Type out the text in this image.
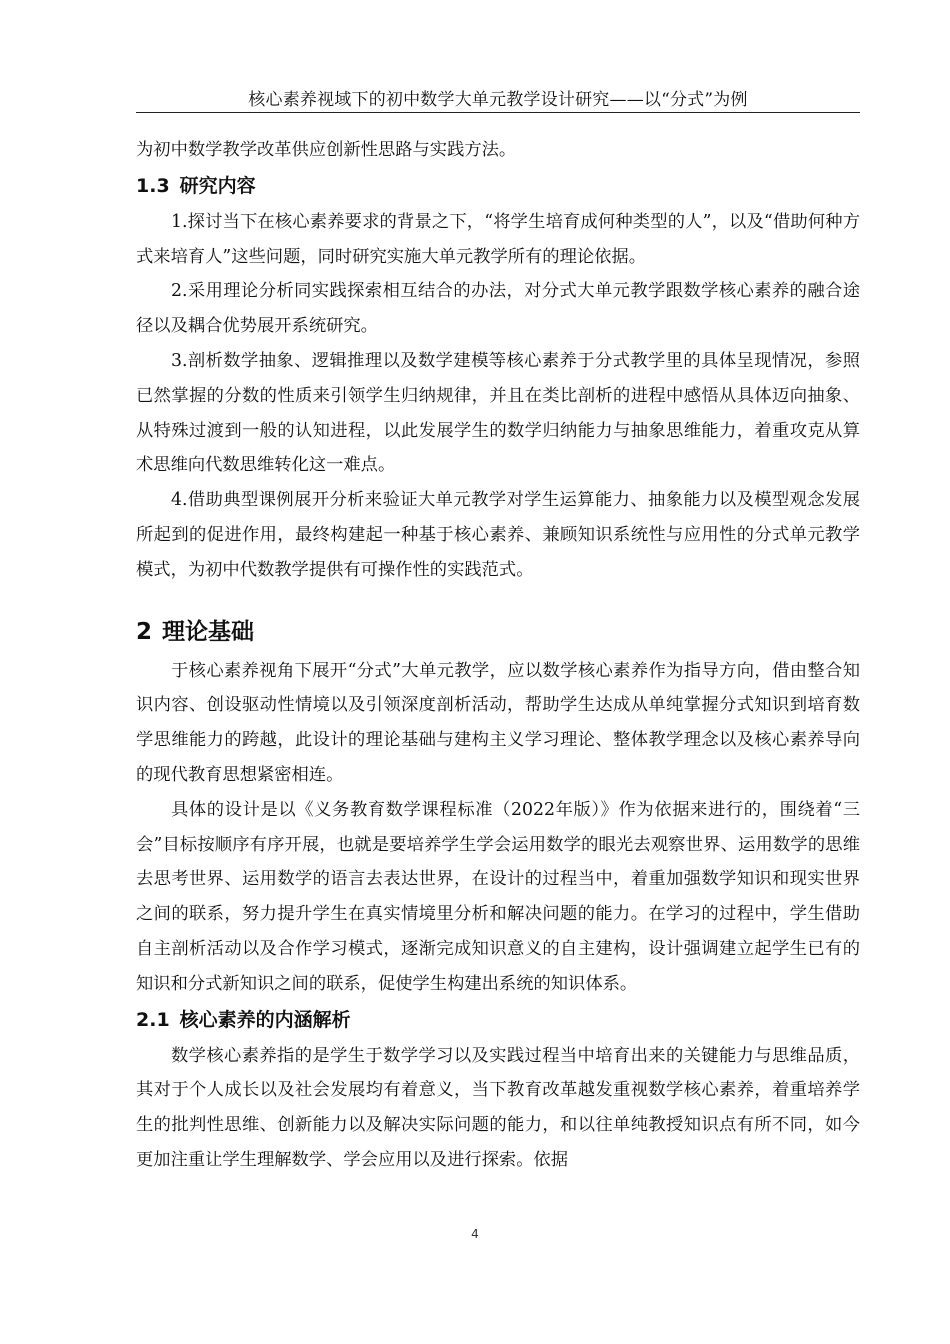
核心素养视域下的初中数学大单元教学设计研究——以“分式”为例

为初中数学教学改革供应创新性思路与实践方法。

1.3 研究内容

1.探讨当下在核心素养要求的背景之下，“将学生培育成何种类型的人”，以及“借助何种方式来培育人”这些问题，同时研究实施大单元教学所有的理论依据。

2.采用理论分析同实践探索相互结合的办法，对分式大单元教学跟数学核心素养的融合途径以及耦合优势展开系统研究。

3.剖析数学抽象、逻辑推理以及数学建模等核心素养于分式教学里的具体呈现情况，参照已然掌握的分数的性质来引领学生归纳规律，并且在类比剖析的进程中感悟从具体迈向抽象、从特殊过渡到一般的认知进程，以此发展学生的数学归纳能力与抽象思维能力，着重攻克从算术思维向代数思维转化这一难点。

4.借助典型课例展开分析来验证大单元教学对学生运算能力、抽象能力以及模型观念发展所起到的促进作用，最终构建起一种基于核心素养、兼顾知识系统性与应用性的分式单元教学模式，为初中代数教学提供有可操作性的实践范式。

2 理论基础

于核心素养视角下展开“分式”大单元教学，应以数学核心素养作为指导方向，借由整合知识内容、创设驱动性情境以及引领深度剖析活动，帮助学生达成从单纯掌握分式知识到培育数学思维能力的跨越，此设计的理论基础与建构主义学习理论、整体教学理念以及核心素养导向的现代教育思想紧密相连。

具体的设计是以《义务教育数学课程标准（2022年版）》作为依据来进行的，围绕着“三会”目标按顺序有序开展，也就是要培养学生学会运用数学的眼光去观察世界、运用数学的思维去思考世界、运用数学的语言去表达世界，在设计的过程当中，着重加强数学知识和现实世界之间的联系，努力提升学生在真实情境里分析和解决问题的能力。在学习的过程中，学生借助自主剖析活动以及合作学习模式，逐渐完成知识意义的自主建构，设计强调建立起学生已有的知识和分式新知识之间的联系，促使学生构建出系统的知识体系。

2.1 核心素养的内涵解析

数学核心素养指的是学生于数学学习以及实践过程当中培育出来的关键能力与思维品质，其对于个人成长以及社会发展均有着意义，当下教育改革越发重视数学核心素养，着重培养学生的批判性思维、创新能力以及解决实际问题的能力，和以往单纯教授知识点有所不同，如今更加注重让学生理解数学、学会应用以及进行探索。依据

4
